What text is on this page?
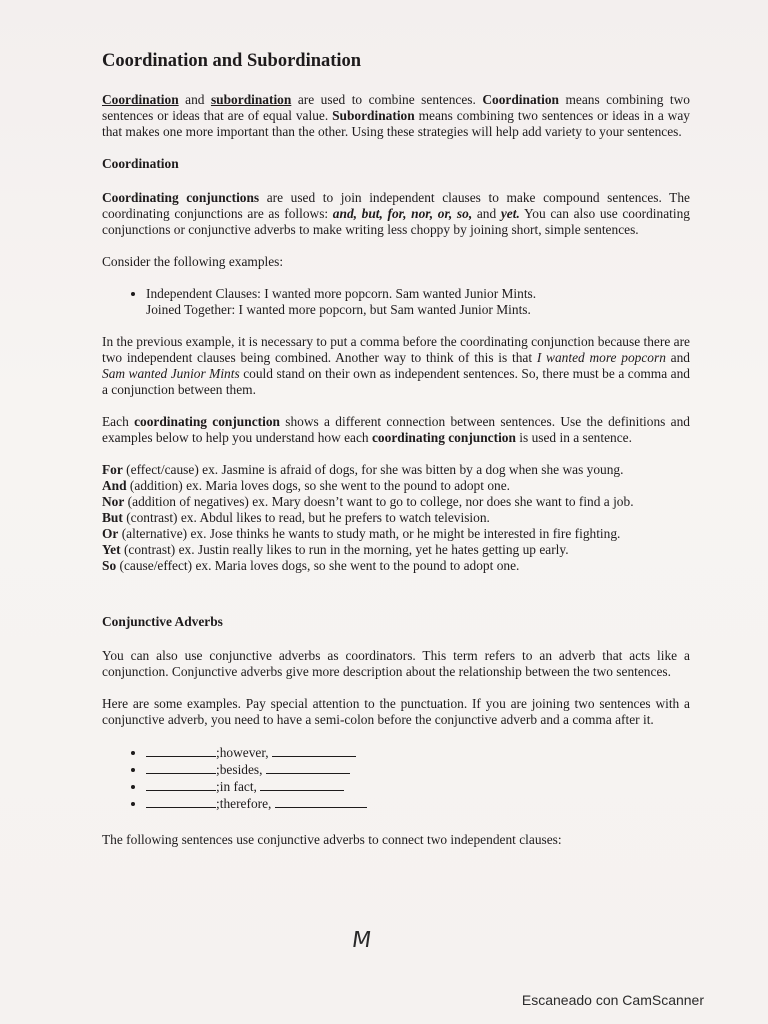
Coordination and Subordination

Coordination and subordination are used to combine sentences. Coordination means combining two sentences or ideas that are of equal value. Subordination means combining two sentences or ideas in a way that makes one more important than the other. Using these strategies will help add variety to your sentences.

Coordination

Coordinating conjunctions are used to join independent clauses to make compound sentences. The coordinating conjunctions are as follows: and, but, for, nor, or, so, and yet. You can also use coordinating conjunctions or conjunctive adverbs to make writing less choppy by joining short, simple sentences.

Consider the following examples:

• Independent Clauses: I wanted more popcorn. Sam wanted Junior Mints.
Joined Together: I wanted more popcorn, but Sam wanted Junior Mints.

In the previous example, it is necessary to put a comma before the coordinating conjunction because there are two independent clauses being combined. Another way to think of this is that I wanted more popcorn and Sam wanted Junior Mints could stand on their own as independent sentences. So, there must be a comma and a conjunction between them.

Each coordinating conjunction shows a different connection between sentences. Use the definitions and examples below to help you understand how each coordinating conjunction is used in a sentence.

For (effect/cause) ex. Jasmine is afraid of dogs, for she was bitten by a dog when she was young.
And (addition) ex. Maria loves dogs, so she went to the pound to adopt one.
Nor (addition of negatives) ex. Mary doesn’t want to go to college, nor does she want to find a job.
But (contrast) ex. Abdul likes to read, but he prefers to watch television.
Or (alternative) ex. Jose thinks he wants to study math, or he might be interested in fire fighting.
Yet (contrast) ex. Justin really likes to run in the morning, yet he hates getting up early.
So (cause/effect) ex. Maria loves dogs, so she went to the pound to adopt one.
Conjunctive Adverbs

You can also use conjunctive adverbs as coordinators. This term refers to an adverb that acts like a conjunction. Conjunctive adverbs give more description about the relationship between the two sentences.

Here are some examples. Pay special attention to the punctuation. If you are joining two sentences with a conjunctive adverb, you need to have a semi-colon before the conjunctive adverb and a comma after it.

• ;however,
• ;besides,
• ;in fact,
• ;therefore,

The following sentences use conjunctive adverbs to connect two independent clauses:

M
Escaneado con CamScanner
